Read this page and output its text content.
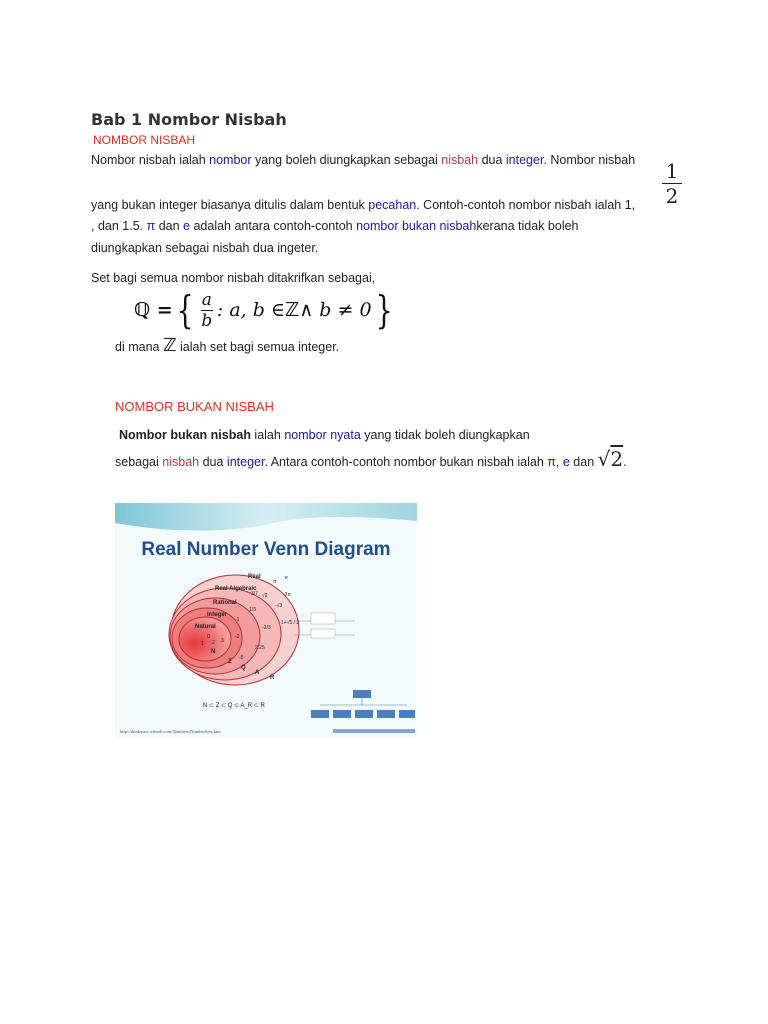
Bab 1 Nombor Nisbah
NOMBOR NISBAH
Nombor nisbah ialah nombor yang boleh diungkapkan sebagai nisbah dua integer. Nombor nisbah 1
2
yang bukan integer biasanya ditulis dalam bentuk pecahan. Contoh-contoh nombor nisbah ialah 1,
, dan 1.5. π dan e adalah antara contoh-contoh nombor bukan nisbahkerana tidak boleh
diungkapkan sebagai nisbah dua ingeter.
Set bagi semua nombor nisbah ditakrifkan sebagai,
ℚ = { a
b : a, b ∈ ℤ ∧ b ≠ 0 }
di mana ℤ ialah set bagi semua integer.
NOMBOR BUKAN NISBAH
Nombor bukan nisbah ialah nombor nyata yang tidak boleh diungkapkan
sebagai nisbah dua integer. Antara contoh-contoh nombor bukan nisbah ialah π, e dan √2.
Real Number Venn Diagram
Real
Real Algebraic
Rational
Integer
Natural
π
√2
-√3
-2π
-1
0
1 2 3
-2
1/3
-2/3
2.25
1+√5 / 2
e
-5
3/7
N
Z
Q
A
R
N ⊂ Z ⊂ Q ⊂ A_R ⊂ R
http://thinkmaw.wiburk.com/Numbers/NumberSets.htm
